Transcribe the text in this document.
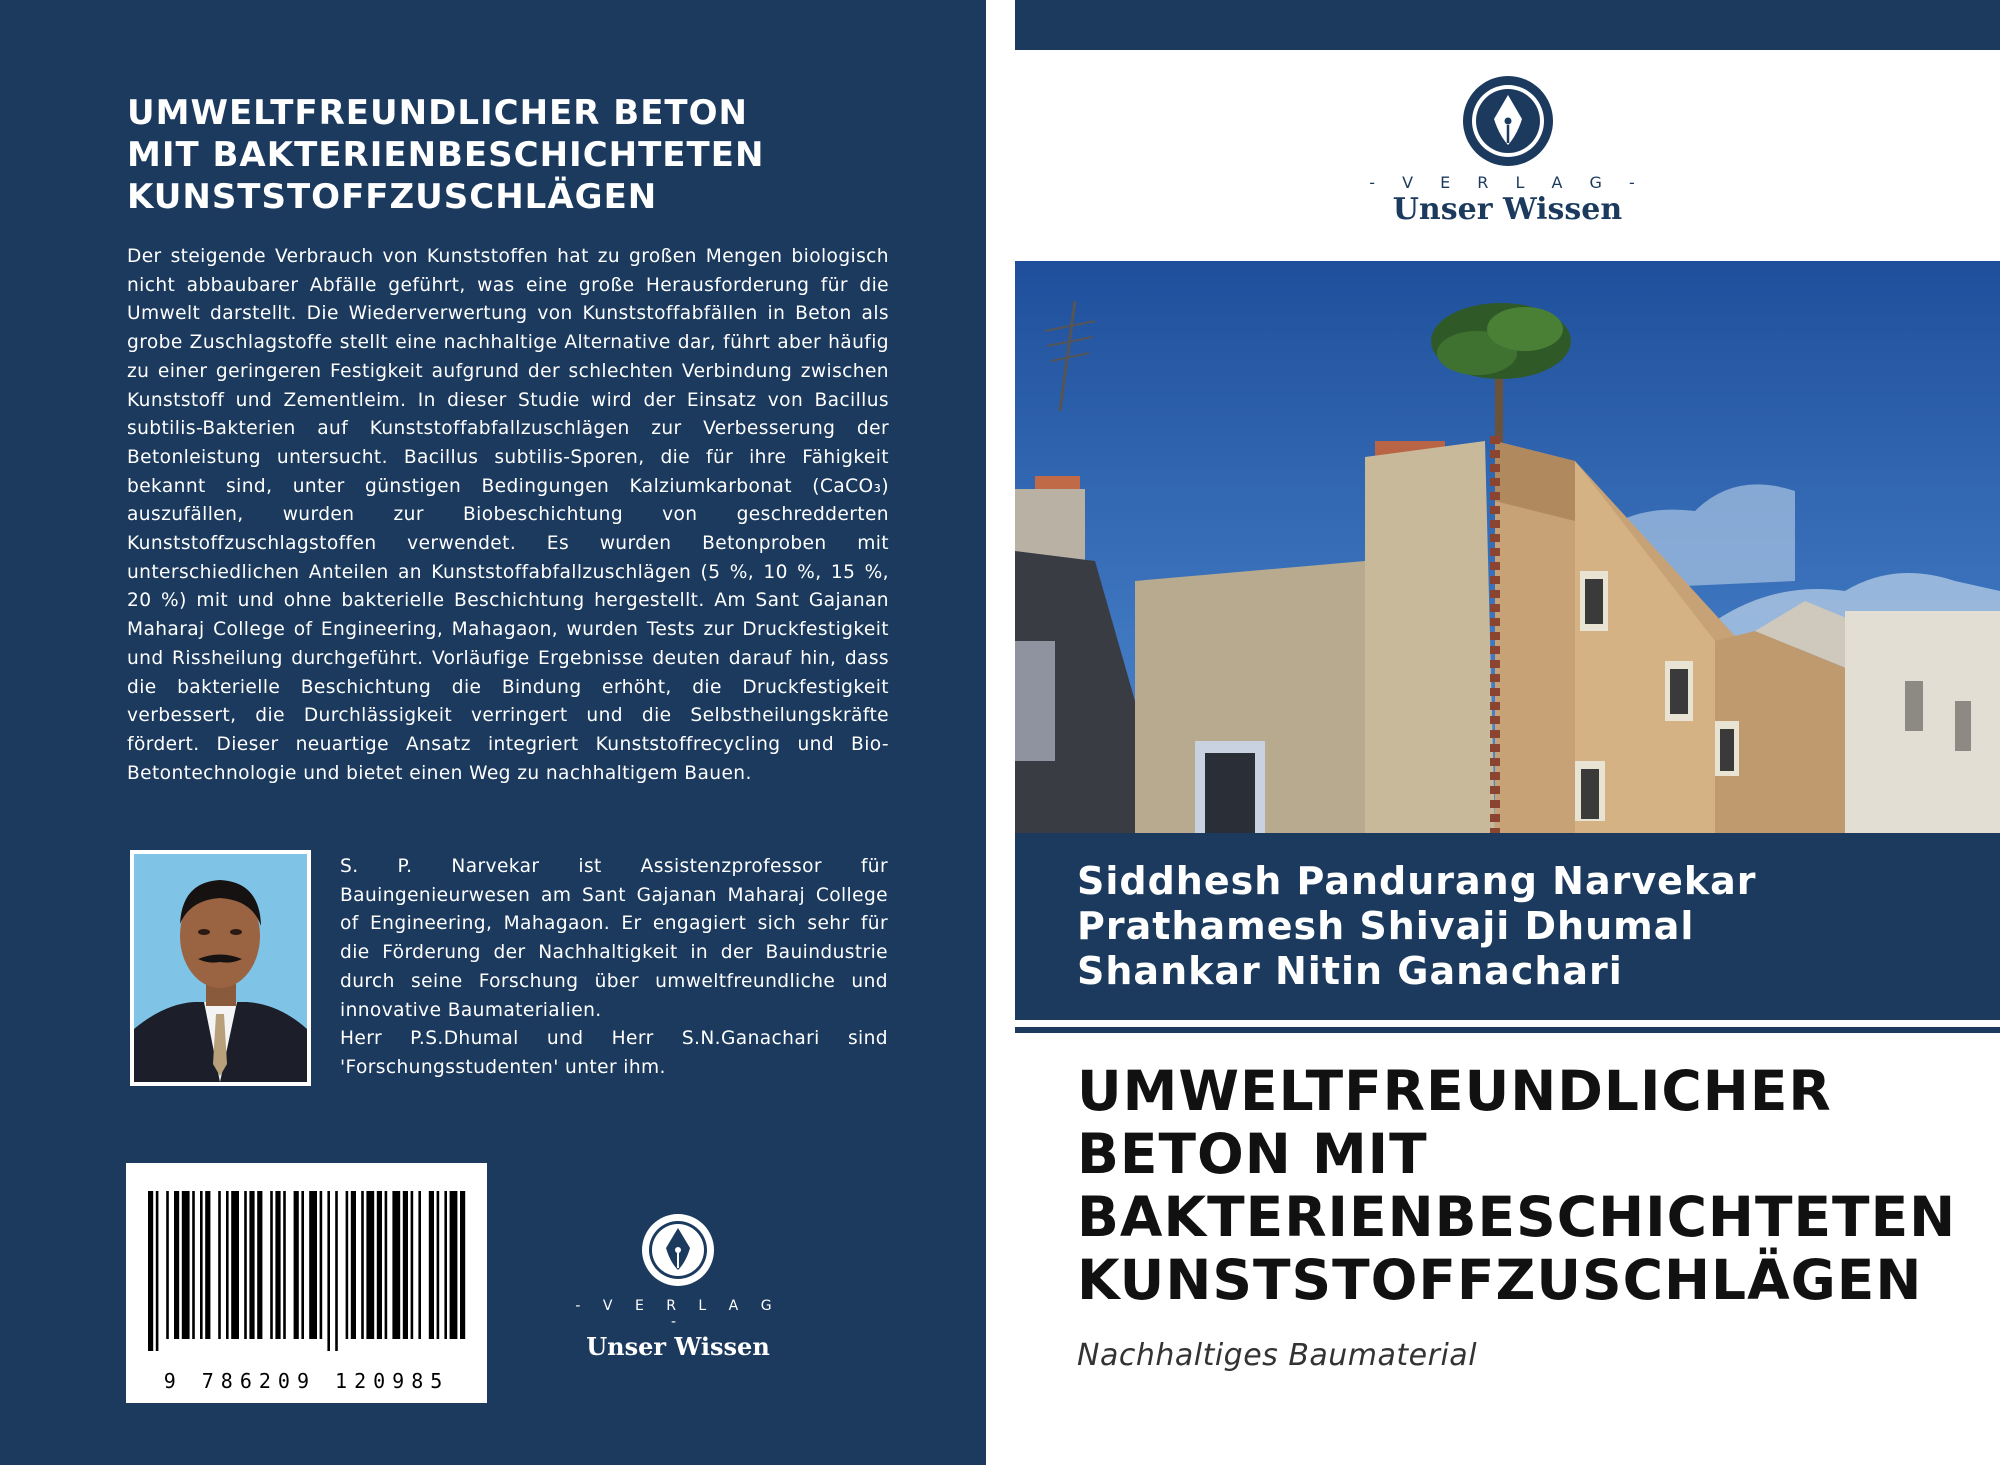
UMWELTFREUNDLICHER BETON
MIT BAKTERIENBESCHICHTETEN
KUNSTSTOFFZUSCHLÄGEN

Der steigende Verbrauch von Kunststoffen hat zu großen Mengen biologisch nicht abbaubarer Abfälle geführt, was eine große Herausforderung für die Umwelt darstellt. Die Wiederverwertung von Kunststoffabfällen in Beton als grobe Zuschlagstoffe stellt eine nachhaltige Alternative dar, führt aber häufig zu einer geringeren Festigkeit aufgrund der schlechten Verbindung zwischen Kunststoff und Zementleim. In dieser Studie wird der Einsatz von Bacillus subtilis-Bakterien auf Kunststoffabfallzuschlägen zur Verbesserung der Betonleistung untersucht. Bacillus subtilis-Sporen, die für ihre Fähigkeit bekannt sind, unter günstigen Bedingungen Kalziumkarbonat (CaCO₃) auszufällen, wurden zur Biobeschichtung von geschredderten Kunststoffzuschlagstoffen verwendet. Es wurden Betonproben mit unterschiedlichen Anteilen an Kunststoffabfallzuschlägen (5 %, 10 %, 15 %, 20 %) mit und ohne bakterielle Beschichtung hergestellt. Am Sant Gajanan Maharaj College of Engineering, Mahagaon, wurden Tests zur Druckfestigkeit und Rissheilung durchgeführt. Vorläufige Ergebnisse deuten darauf hin, dass die bakterielle Beschichtung die Bindung erhöht, die Druckfestigkeit verbessert, die Durchlässigkeit verringert und die Selbstheilungskräfte fördert. Dieser neuartige Ansatz integriert Kunststoffrecycling und Bio-Betontechnologie und bietet einen Weg zu nachhaltigem Bauen.

S. P. Narvekar ist Assistenzprofessor für Bauingenieurwesen am Sant Gajanan Maharaj College of Engineering, Mahagaon. Er engagiert sich sehr für die Förderung der Nachhaltigkeit in der Bauindustrie durch seine Forschung über umweltfreundliche und innovative Baumaterialien.

Herr P.S.Dhumal und Herr S.N.Ganachari sind 'Forschungsstudenten' unter ihm.

9 786209 120985
- V E R L A G -
Unser Wissen
- V E R L A G -
Unser Wissen
Siddhesh Pandurang Narvekar
Prathamesh Shivaji Dhumal
Shankar Nitin Ganachari
UMWELTFREUNDLICHER
BETON MIT
BAKTERIENBESCHICHTETEN
KUNSTSTOFFZUSCHLÄGEN
Nachhaltiges Baumaterial
